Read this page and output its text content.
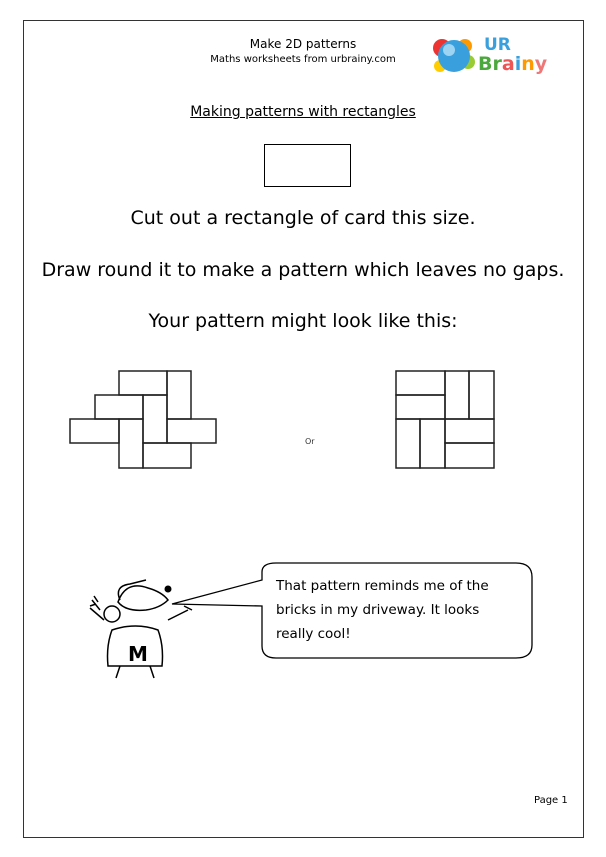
Make 2D patterns
Maths worksheets from urbrainy.com
UR
Brainy
Making patterns with rectangles
Cut out a rectangle of card this size.
Draw round it to make a pattern which leaves no gaps.
Your pattern might look like this:
M
Or
That pattern reminds me of the
bricks in my driveway. It looks
really cool!
Page 1
